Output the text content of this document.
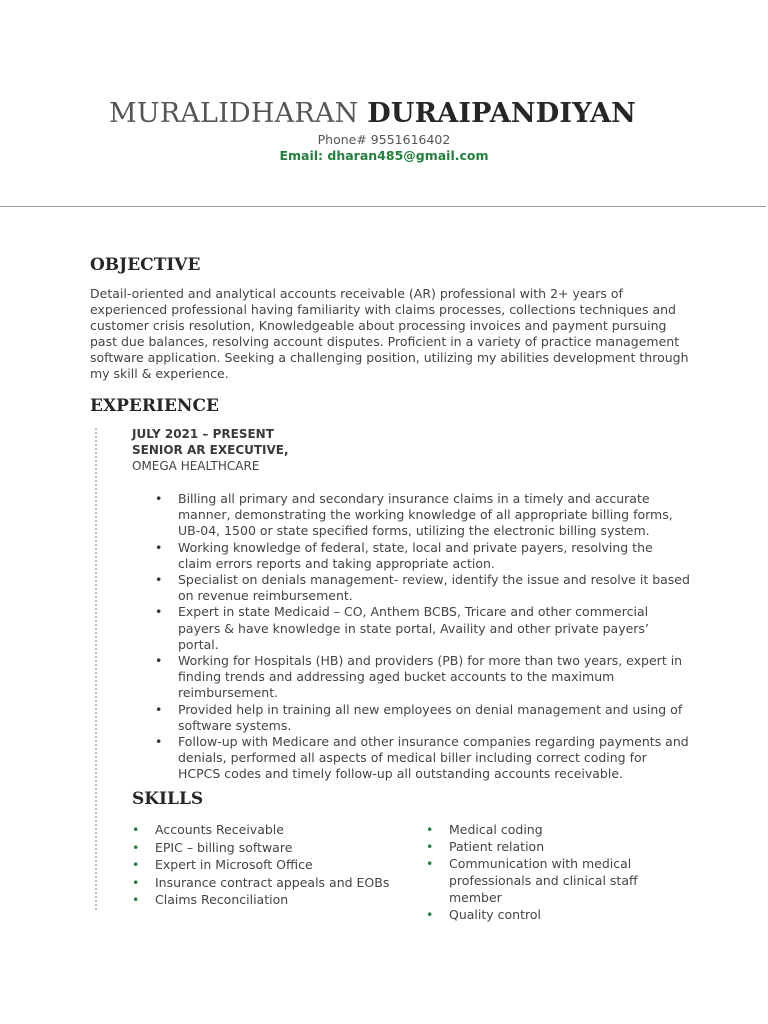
MURALIDHARAN DURAIPANDIYAN
Phone# 9551616402
Email: dharan485@gmail.com
OBJECTIVE

Detail-oriented and analytical accounts receivable (AR) professional with 2+ years of experienced professional having familiarity with claims processes, collections techniques and customer crisis resolution, Knowledgeable about processing invoices and payment pursuing past due balances, resolving account disputes. Proficient in a variety of practice management software application. Seeking a challenging position, utilizing my abilities development through my skill & experience.

EXPERIENCE
JULY 2021 – PRESENT
SENIOR AR EXECUTIVE,
OMEGA HEALTHCARE
• Billing all primary and secondary insurance claims in a timely and accurate manner, demonstrating the working knowledge of all appropriate billing forms, UB-04, 1500 or state specified forms, utilizing the electronic billing system.
• Working knowledge of federal, state, local and private payers, resolving the claim errors reports and taking appropriate action.
• Specialist on denials management- review, identify the issue and resolve it based on revenue reimbursement.
• Expert in state Medicaid – CO, Anthem BCBS, Tricare and other commercial payers & have knowledge in state portal, Availity and other private payers’ portal.
• Working for Hospitals (HB) and providers (PB) for more than two years, expert in finding trends and addressing aged bucket accounts to the maximum reimbursement.
• Provided help in training all new employees on denial management and using of software systems.
• Follow-up with Medicare and other insurance companies regarding payments and denials, performed all aspects of medical biller including correct coding for HCPCS codes and timely follow-up all outstanding accounts receivable.
SKILLS
• Accounts Receivable
• EPIC – billing software
• Expert in Microsoft Office
• Insurance contract appeals and EOBs
• Claims Reconciliation
• Medical coding
• Patient relation
• Communication with medical professionals and clinical staff member
• Quality control
